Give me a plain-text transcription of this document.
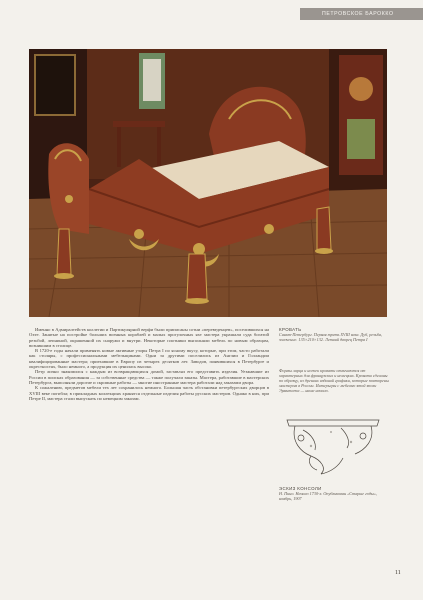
ПЕТРОВСКОЕ БАРОККО

Именно в Адмиралтейств коллегии и Партикулярной верфи были приписаны сотни «переведенцев», поселившихся на Охте. Занятые на постройке больших военных кораблей и малых прогулочных яхт мастера украшали суда богатой резьбой, лепниной, окрашенной их снаружи и внутри. Некоторые плотники выполняли мебель по новым образцам, возникшим в столице.

В 1720-е годы начали применять новые активные узоры Петра I по ясному вкусу, которые, при этом, часто работали как столяры, с профессиональными мебельщиками. Одни за другими поселились из Англии и Голландии квалифицированные мастера; приехавшие в Европу из четырех десятков лет. Заводов, появившихся в Петербурге и окрестностях, было немного, а продукция их ценилась высоко.

Петр лично знакомился с каждым из возвращающихся домой, заставлял его представить изделия. Уезжавшие из России в поисках образования — за собственные средства — также получали заказы. Мастера, работавшие в мастерских Петербурга, выполняли дорогие и скромные работы — многие иностранные мастера работали над заказами двора.

К сожалению, предметов мебели тех лет сохранилось немного. Большая часть обстановки петербургских дворцов в XVIII веке погибла; в прикладных коллекциях хранятся отдельные изделия работы русских мастеров. Однако в них, при Петре II, мастера стали выпускать по немецким заказам.

КРОВАТЬ

Санкт-Петербург. Первая треть XVIII века. Дуб, резьба, золочение. 135×210×132. Летний дворец Петра I

Формы ларца и ножек кровати отличаются от характерных для французских и немецких. Кровати сделаны по образцу, из древних изданий графики, которые повторены мастером в России. Интерьеры с мебелью этой эпохи Эрмитажа — наше начало.

ЭСКИЗ КОНСОЛИ

Н. Пино. Начало 1730-х. Опубликован «Старые годы», ноябрь, 1907

11
